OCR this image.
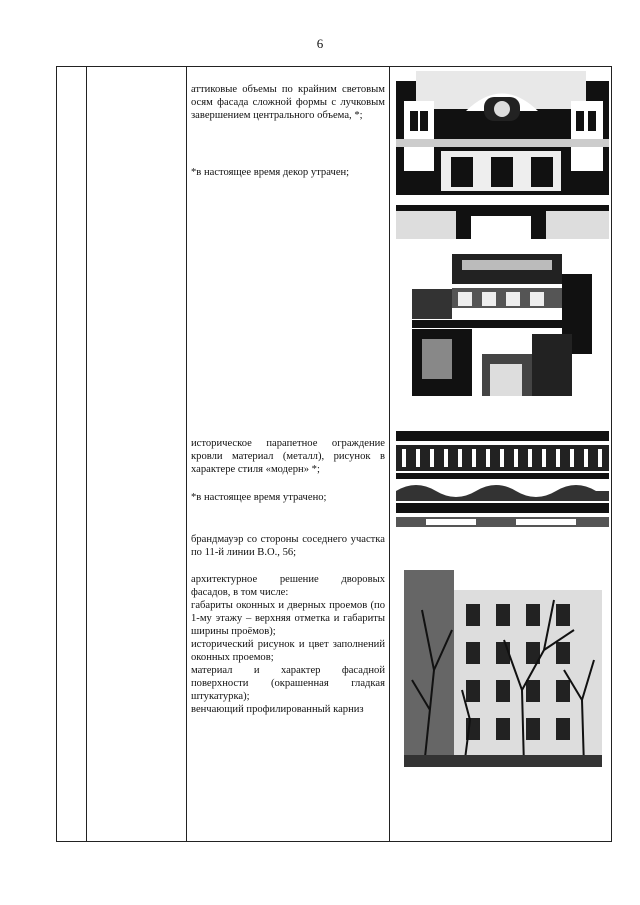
6

аттиковые объемы по крайним световым осям фасада сложной формы с лучковым завершением центрального объема, *;

*в настоящее время декор утрачен;

историческое парапетное ограждение кровли материал (металл), рисунок в характере стиля «модерн» *;

*в настоящее время утрачено;

брандмауэр со стороны соседнего участка по 11-й линии В.О., 56;

архитектурное решение дворовых фасадов, в том числе:

габариты оконных и дверных проемов (по 1-му этажу – верхняя отметка и габариты ширины проёмов);

исторический рисунок и цвет заполнений оконных проемов;

материал и характер фасадной поверхности (окрашенная гладкая штукатурка);

венчающий профилированный карниз
